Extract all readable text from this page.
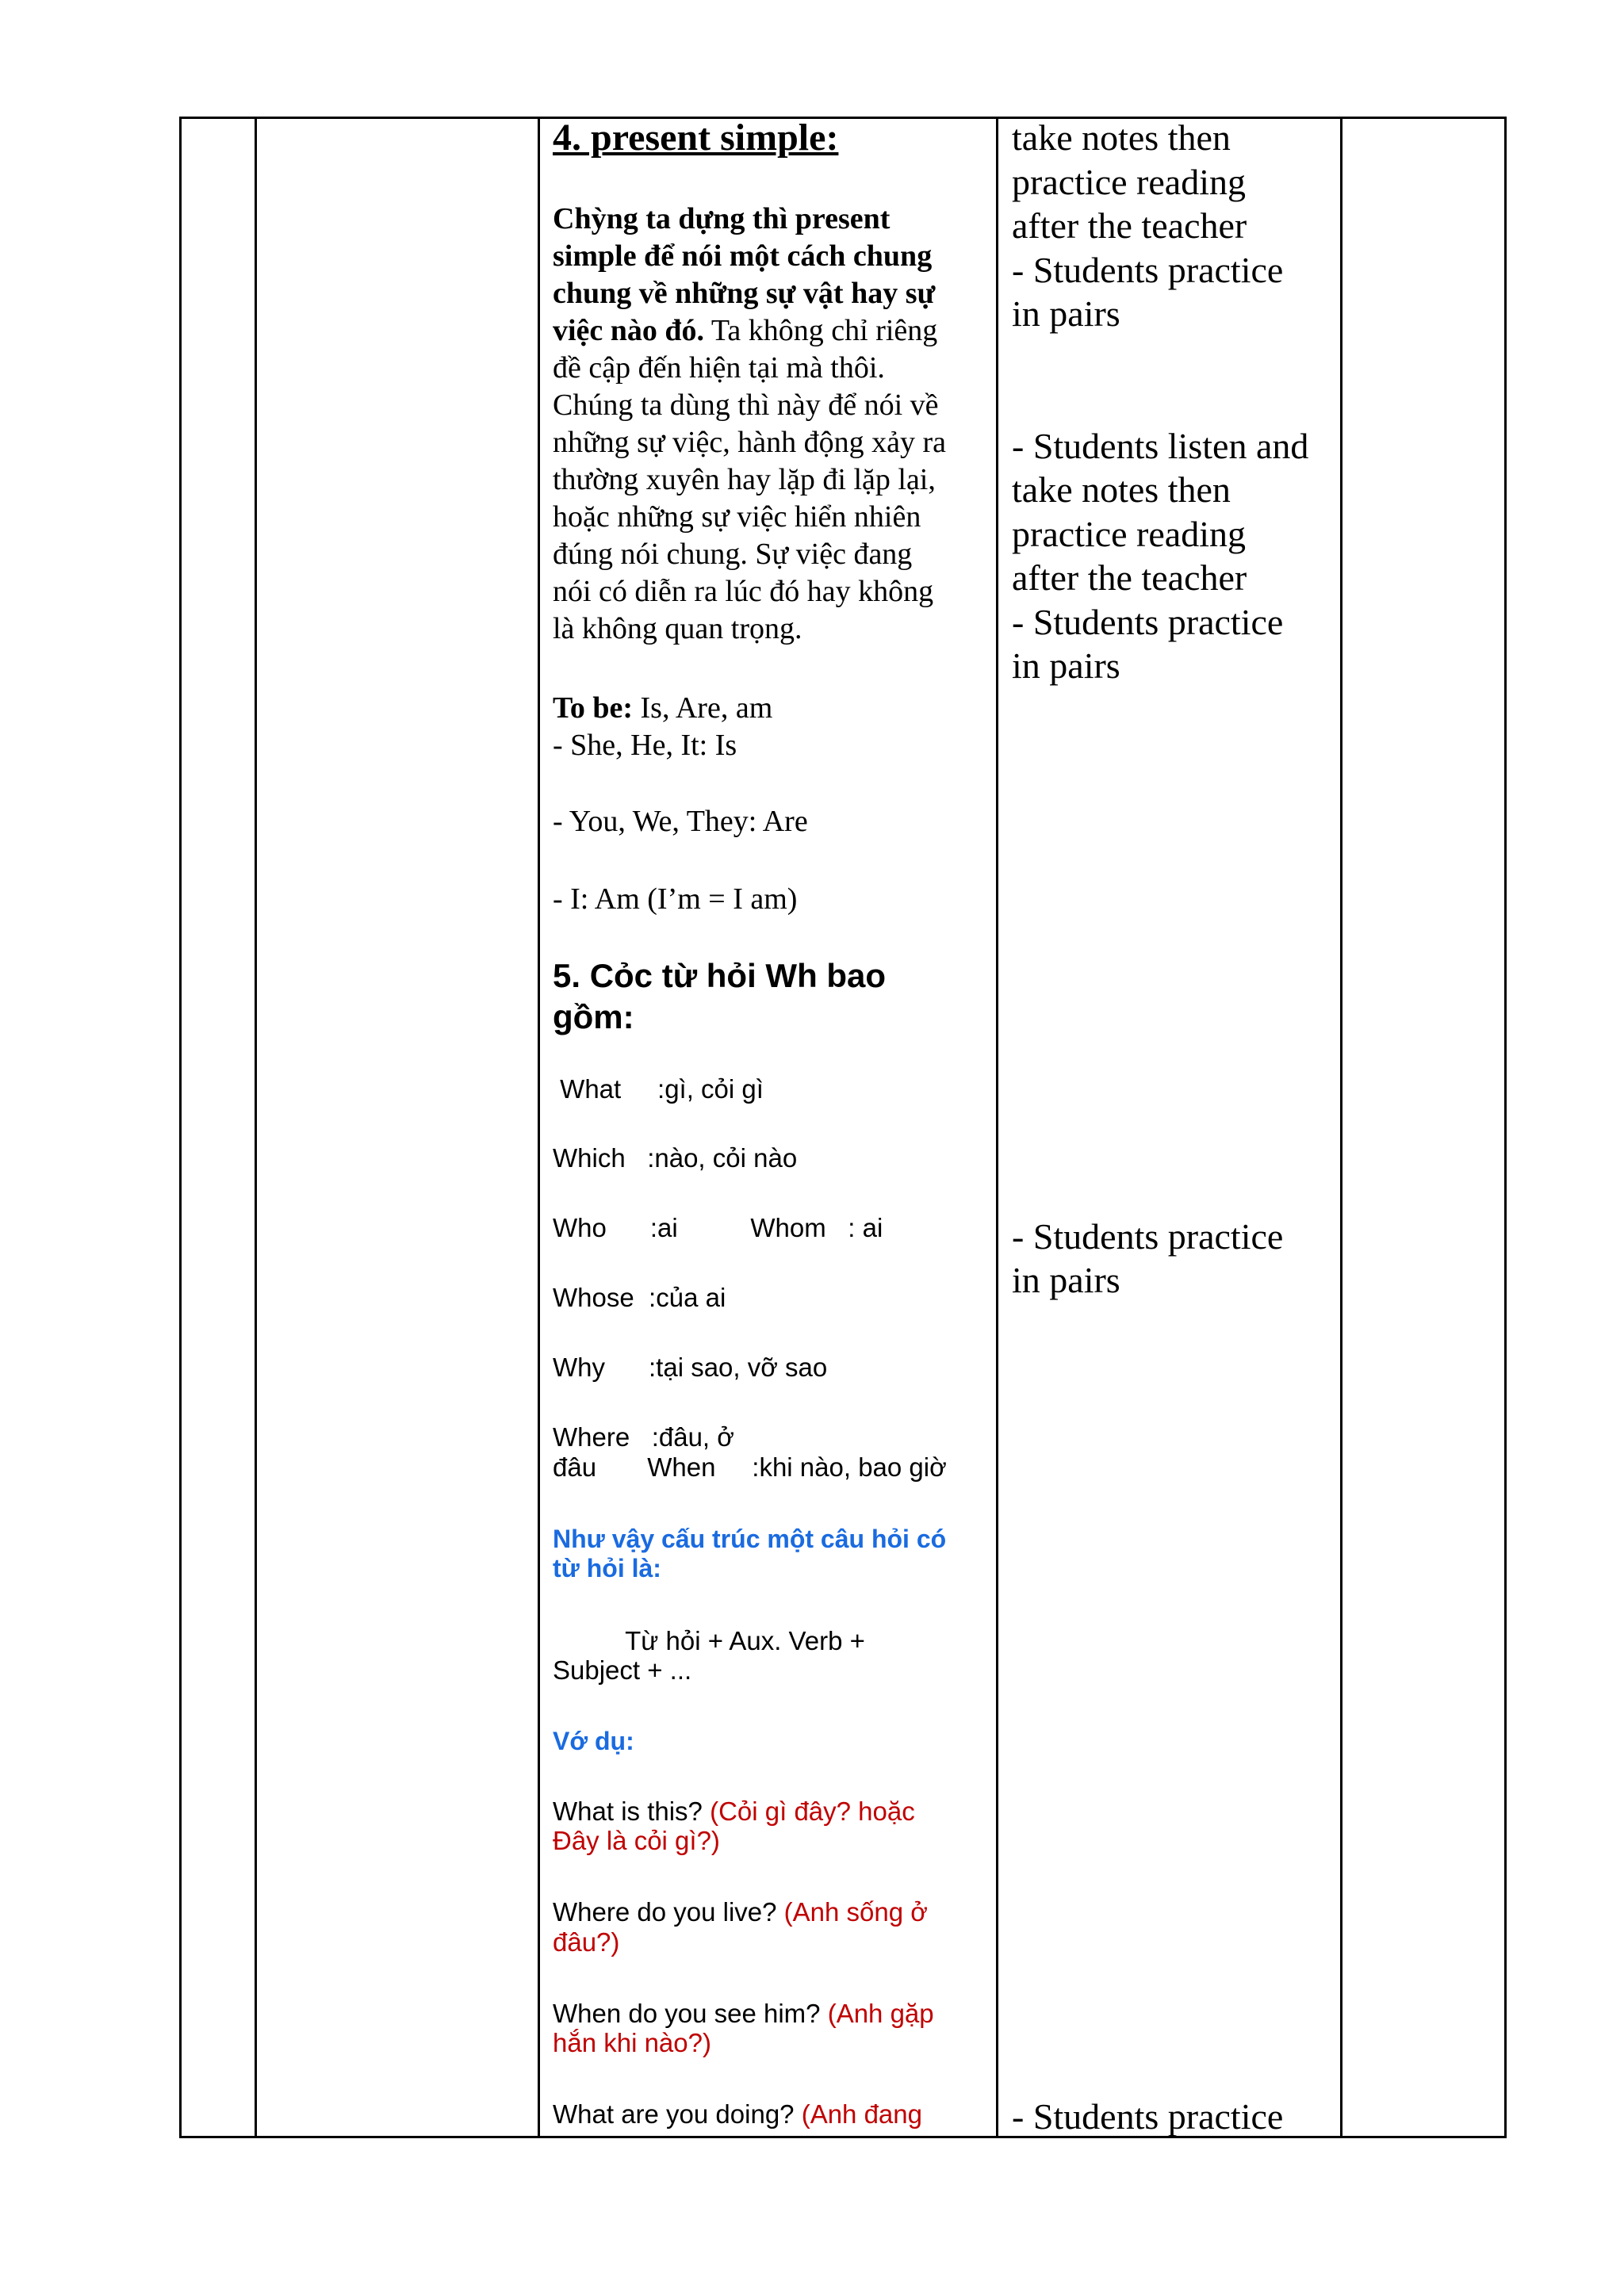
4. present simple:
Chỳng ta dựng thì present
simple để nói một cách chung
chung về những sự vật hay sự
việc nào đó. Ta không chỉ riêng
đề cập đến hiện tại mà thôi.
Chúng ta dùng thì này để nói về
những sự việc, hành động xảy ra
thường xuyên hay lặp đi lặp lại,
hoặc những sự việc hiển nhiên
đúng nói chung. Sự việc đang
nói có diễn ra lúc đó hay không
là không quan trọng.
To be: Is, Are, am
- She, He, It: Is
- You, We, They: Are
- I: Am (I’m = I am)
5. Cỏc từ hỏi Wh bao
gồm:
What     :gì, cỏi gì
Which   :nào, cỏi nào
Who      :ai          Whom   : ai
Whose  :của ai
Why      :tại sao, vỡ sao
Where   :đâu, ở
đâu       When     :khi nào, bao giờ
Như vậy cấu trúc một câu hỏi có
từ hỏi là:
Từ hỏi + Aux. Verb +
Subject + ...
Vớ dụ:
What is this? (Cỏi gì đây? hoặc
Đây là cỏi gì?)
Where do you live? (Anh sống ở
đâu?)
When do you see him? (Anh gặp
hắn khi nào?)
What are you doing? (Anh đang
take notes then
practice reading
after the teacher
- Students practice
in pairs
- Students listen and
take notes then
practice reading
after the teacher
- Students practice
in pairs
- Students practice
in pairs
- Students practice
